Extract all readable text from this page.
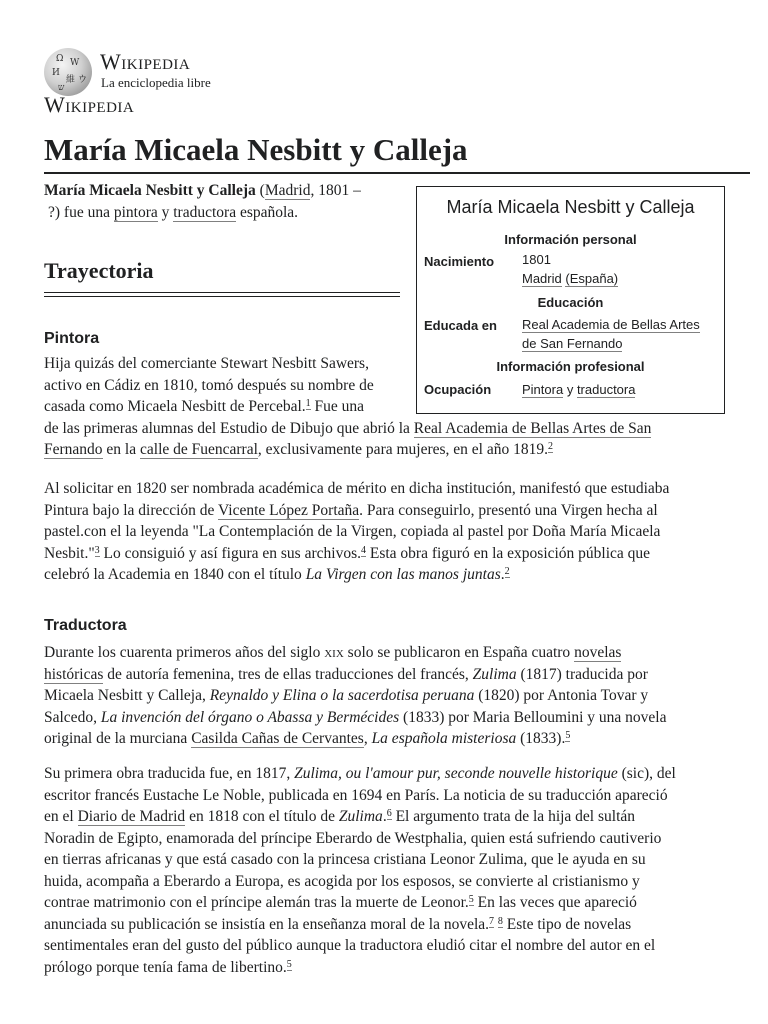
Ω W
И
維 ウ
ש
Wikipedia
La enciclopedia libre
Wikipedia
María Micaela Nesbitt y Calleja

María Micaela Nesbitt y Calleja (Madrid, 1801 –
?) fue una pintora y traductora española.	María Micaela Nesbitt y Calleja
Información personal
Nacimiento 1801
Madrid (España)
Educación
Educada en Real Academia de Bellas Artes
de San Fernando
Información profesional
Ocupación Pintora y traductora
Trayectoria
Pintora

Hija quizás del comerciante Stewart Nesbitt Sawers,
activo en Cádiz en 1810, tomó después su nombre de
casada como Micaela Nesbitt de Percebal.$^1$ Fue una
de las primeras alumnas del Estudio de Dibujo que abrió la Real Academia de Bellas Artes de San
Fernando en la calle de Fuencarral, exclusivamente para mujeres, en el año 1819.$^2$

Al solicitar en 1820 ser nombrada académica de mérito en dicha institución, manifestó que estudiaba
Pintura bajo la dirección de Vicente López Portaña. Para conseguirlo, presentó una Virgen hecha al
pastel.con el la leyenda "La Contemplación de la Virgen, copiada al pastel por Doña María Micaela
Nesbit."$^3$ Lo consiguió y así figura en sus archivos.$^4$ Esta obra figuró en la exposición pública que
celebró la Academia en 1840 con el título La Virgen con las manos juntas.$^2$

Traductora

Durante los cuarenta primeros años del siglo xix solo se publicaron en España cuatro novelas
históricas de autoría femenina, tres de ellas traducciones del francés, Zulima (1817) traducida por
Micaela Nesbitt y Calleja, Reynaldo y Elina o la sacerdotisa peruana (1820) por Antonia Tovar y
Salcedo, La invención del órgano o Abassa y Bermécides (1833) por Maria Belloumini y una novela
original de la murciana Casilda Cañas de Cervantes, La española misteriosa (1833).$^5$

Su primera obra traducida fue, en 1817, Zulima, ou l'amour pur, seconde nouvelle historique (sic), del
escritor francés Eustache Le Noble, publicada en 1694 en París. La noticia de su traducción apareció
en el Diario de Madrid en 1818 con el título de Zulima.$^6$ El argumento trata de la hija del sultán
Noradin de Egipto, enamorada del príncipe Eberardo de Westphalia, quien está sufriendo cautiverio
en tierras africanas y que está casado con la princesa cristiana Leonor Zulima, que le ayuda en su
huida, acompaña a Eberardo a Europa, es acogida por los esposos, se convierte al cristianismo y
contrae matrimonio con el príncipe alemán tras la muerte de Leonor.$^5$ En las veces que apareció
anunciada su publicación se insistía en la enseñanza moral de la novela.$^7$ $^8$ Este tipo de novelas
sentimentales eran del gusto del público aunque la traductora eludió citar el nombre del autor en el
prólogo porque tenía fama de libertino.$^5$
